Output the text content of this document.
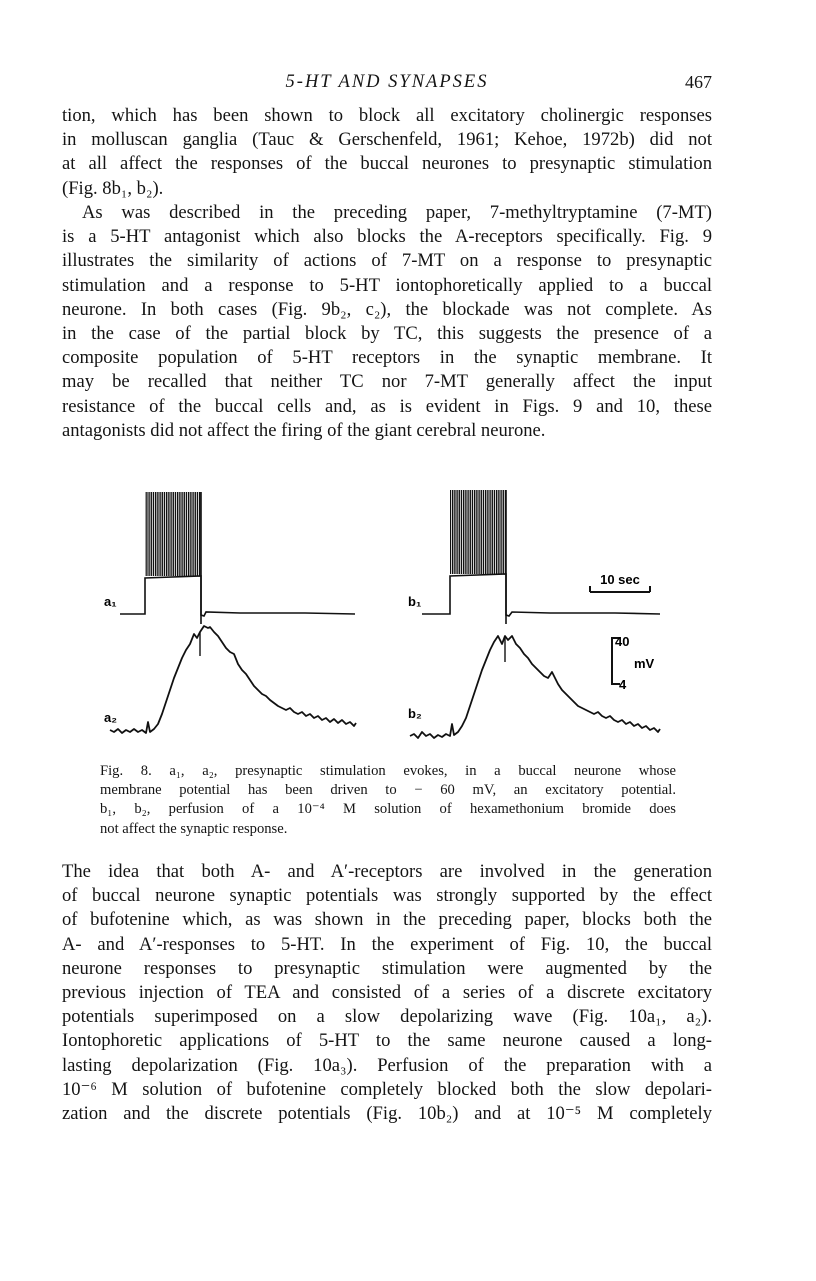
5-HT AND SYNAPSES	467
tion, which has been shown to block all excitatory cholinergic responses
in molluscan ganglia (Tauc & Gerschenfeld, 1961; Kehoe, 1972b) did not
at all affect the responses of the buccal neurones to presynaptic stimulation
(Fig. 8b₁, b₂).
As was described in the preceding paper, 7-methyltryptamine (7-MT)
is a 5-HT antagonist which also blocks the A-receptors specifically. Fig. 9
illustrates the similarity of actions of 7-MT on a response to presynaptic
stimulation and a response to 5-HT iontophoretically applied to a buccal
neurone. In both cases (Fig. 9b₂, c₂), the blockade was not complete. As
in the case of the partial block by TC, this suggests the presence of a
composite population of 5-HT receptors in the synaptic membrane. It
may be recalled that neither TC nor 7-MT generally affect the input
resistance of the buccal cells and, as is evident in Figs. 9 and 10, these
antagonists did not affect the firing of the giant cerebral neurone.
a₁
a₂
b₁
b₂
10 sec
40
mV
4
Fig. 8. a₁, a₂, presynaptic stimulation evokes, in a buccal neurone whose
membrane potential has been driven to − 60 mV, an excitatory potential.
b₁, b₂, perfusion of a 10⁻⁴ M solution of hexamethonium bromide does
not affect the synaptic response.
The idea that both A- and A′-receptors are involved in the generation
of buccal neurone synaptic potentials was strongly supported by the effect
of bufotenine which, as was shown in the preceding paper, blocks both the
A- and A′-responses to 5-HT. In the experiment of Fig. 10, the buccal
neurone responses to presynaptic stimulation were augmented by the
previous injection of TEA and consisted of a series of a discrete excitatory
potentials superimposed on a slow depolarizing wave (Fig. 10a₁, a₂).
Iontophoretic applications of 5-HT to the same neurone caused a long-
lasting depolarization (Fig. 10a₃). Perfusion of the preparation with a
10⁻⁶ M solution of bufotenine completely blocked both the slow depolari-
zation and the discrete potentials (Fig. 10b₂) and at 10⁻⁵ M completely
